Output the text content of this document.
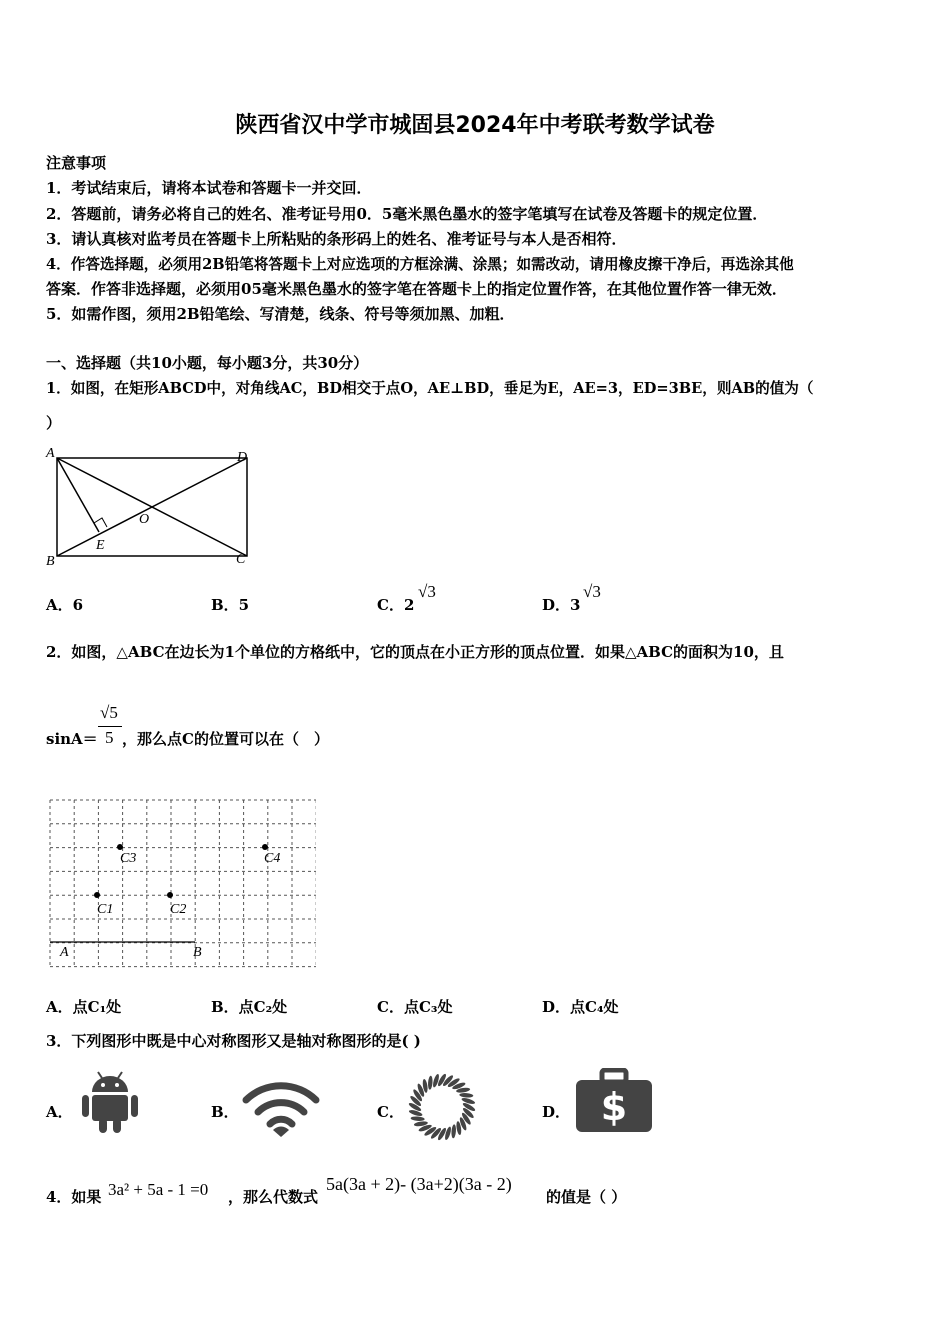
陕西省汉中学市城固县2024年中考联考数学试卷
注意事项
1．考试结束后，请将本试卷和答题卡一并交回．
2．答题前，请务必将自己的姓名、准考证号用0．5毫米黑色墨水的签字笔填写在试卷及答题卡的规定位置．
3．请认真核对监考员在答题卡上所粘贴的条形码上的姓名、准考证号与本人是否相符．
4．作答选择题，必须用2B铅笔将答题卡上对应选项的方框涂满、涂黑；如需改动，请用橡皮擦干净后，再选涂其他
答案．作答非选择题，必须用05毫米黑色墨水的签字笔在答题卡上的指定位置作答，在其他位置作答一律无效．
5．如需作图，须用2B铅笔绘、写清楚，线条、符号等须加黑、加粗．
一、选择题（共10小题，每小题3分，共30分）
1．如图，在矩形ABCD中，对角线AC，BD相交于点O，AE⊥BD，垂足为E，AE=3，ED=3BE，则AB的值为（
）
A	D
B	C
O
E
A．6	B．5	C．2
√3
D．3
√3
2．如图，△ABC在边长为1个单位的方格纸中，它的顶点在小正方形的顶点位置．如果△ABC的面积为10，且
sinA＝
√5
5 ，那么点C的位置可以在（　）
C3	C4
C1	C2
A	B
A．点C₁处	B．点C₂处	C．点C₃处	D．点C₄处
3．下列图形中既是中心对称图形又是轴对称图形的是( )
A．	B．	C．	D． $
4．如果 3a² + 5a - 1 =0 ，那么代数式
5a(3a + 2)- (3a+2)(3a - 2)
的值是（ ）
